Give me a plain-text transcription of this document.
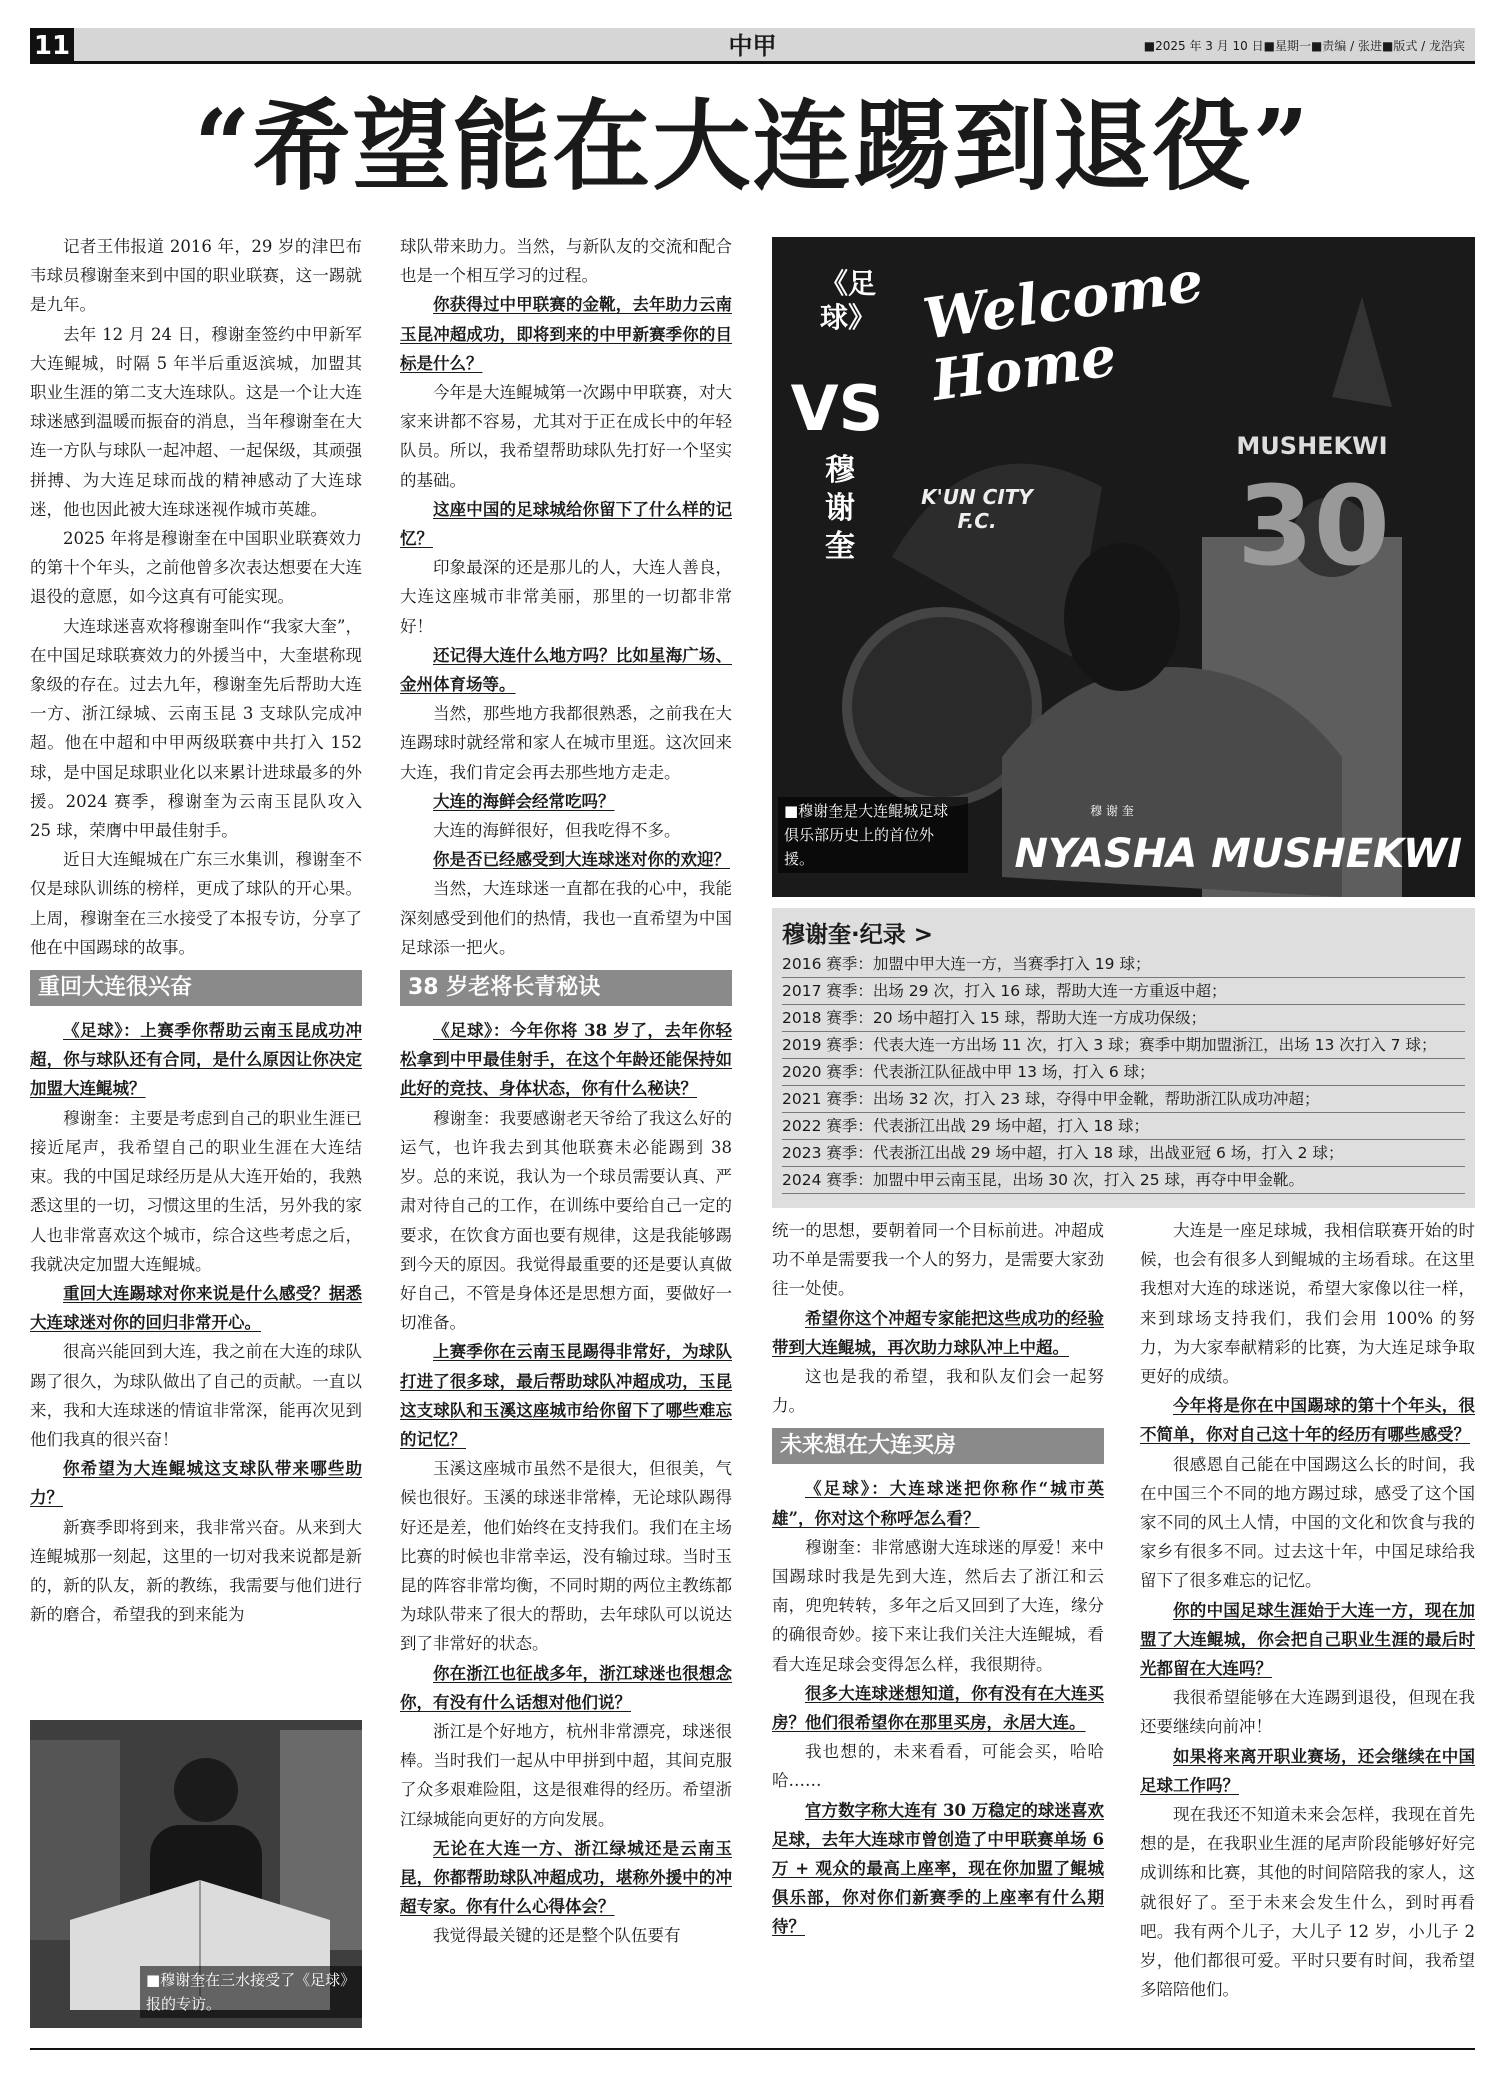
中甲
11	■2025 年 3 月 10 日■星期一■责编 / 张进■版式 / 龙浩宾
“希望能在大连踢到退役”

记者王伟报道 2016 年，29 岁的津巴布韦球员穆谢奎来到中国的职业联赛，这一踢就是九年。

去年 12 月 24 日，穆谢奎签约中甲新军大连鲲城，时隔 5 年半后重返滨城，加盟其职业生涯的第二支大连球队。这是一个让大连球迷感到温暖而振奋的消息，当年穆谢奎在大连一方队与球队一起冲超、一起保级，其顽强拼搏、为大连足球而战的精神感动了大连球迷，他也因此被大连球迷视作城市英雄。

2025 年将是穆谢奎在中国职业联赛效力的第十个年头，之前他曾多次表达想要在大连退役的意愿，如今这真有可能实现。

大连球迷喜欢将穆谢奎叫作“我家大奎”，在中国足球联赛效力的外援当中，大奎堪称现象级的存在。过去九年，穆谢奎先后帮助大连一方、浙江绿城、云南玉昆 3 支球队完成冲超。他在中超和中甲两级联赛中共打入 152 球，是中国足球职业化以来累计进球最多的外援。2024 赛季，穆谢奎为云南玉昆队攻入 25 球，荣膺中甲最佳射手。

近日大连鲲城在广东三水集训，穆谢奎不仅是球队训练的榜样，更成了球队的开心果。上周，穆谢奎在三水接受了本报专访，分享了他在中国踢球的故事。

重回大连很兴奋

《足球》：上赛季你帮助云南玉昆成功冲超，你与球队还有合同，是什么原因让你决定加盟大连鲲城？

穆谢奎：主要是考虑到自己的职业生涯已接近尾声，我希望自己的职业生涯在大连结束。我的中国足球经历是从大连开始的，我熟悉这里的一切，习惯这里的生活，另外我的家人也非常喜欢这个城市，综合这些考虑之后，我就决定加盟大连鲲城。

重回大连踢球对你来说是什么感受？据悉大连球迷对你的回归非常开心。

很高兴能回到大连，我之前在大连的球队踢了很久，为球队做出了自己的贡献。一直以来，我和大连球迷的情谊非常深，能再次见到他们我真的很兴奋！

你希望为大连鲲城这支球队带来哪些助力？

新赛季即将到来，我非常兴奋。从来到大连鲲城那一刻起，这里的一切对我来说都是新的，新的队友，新的教练，我需要与他们进行新的磨合，希望我的到来能为

■穆谢奎在三水接受了《足球》报的专访。

球队带来助力。当然，与新队友的交流和配合也是一个相互学习的过程。

你获得过中甲联赛的金靴，去年助力云南玉昆冲超成功，即将到来的中甲新赛季你的目标是什么？

今年是大连鲲城第一次踢中甲联赛，对大家来讲都不容易，尤其对于正在成长中的年轻队员。所以，我希望帮助球队先打好一个坚实的基础。

这座中国的足球城给你留下了什么样的记忆？

印象最深的还是那儿的人，大连人善良，大连这座城市非常美丽，那里的一切都非常好！

还记得大连什么地方吗？比如星海广场、金州体育场等。

当然，那些地方我都很熟悉，之前我在大连踢球时就经常和家人在城市里逛。这次回来大连，我们肯定会再去那些地方走走。

大连的海鲜会经常吃吗？

大连的海鲜很好，但我吃得不多。

你是否已经感受到大连球迷对你的欢迎？

当然，大连球迷一直都在我的心中，我能深刻感受到他们的热情，我也一直希望为中国足球添一把火。

38 岁老将长青秘诀

《足球》：今年你将 38 岁了，去年你轻松拿到中甲最佳射手，在这个年龄还能保持如此好的竞技、身体状态，你有什么秘诀？

穆谢奎：我要感谢老天爷给了我这么好的运气，也许我去到其他联赛未必能踢到 38 岁。总的来说，我认为一个球员需要认真、严肃对待自己的工作，在训练中要给自己一定的要求，在饮食方面也要有规律，这是我能够踢到今天的原因。我觉得最重要的还是要认真做好自己，不管是身体还是思想方面，要做好一切准备。

上赛季你在云南玉昆踢得非常好，为球队打进了很多球，最后帮助球队冲超成功，玉昆这支球队和玉溪这座城市给你留下了哪些难忘的记忆？

玉溪这座城市虽然不是很大，但很美，气候也很好。玉溪的球迷非常棒，无论球队踢得好还是差，他们始终在支持我们。我们在主场比赛的时候也非常幸运，没有输过球。当时玉昆的阵容非常均衡，不同时期的两位主教练都为球队带来了很大的帮助，去年球队可以说达到了非常好的状态。

你在浙江也征战多年，浙江球迷也很想念你，有没有什么话想对他们说？

浙江是个好地方，杭州非常漂亮，球迷很棒。当时我们一起从中甲拼到中超，其间克服了众多艰难险阻，这是很难得的经历。希望浙江绿城能向更好的方向发展。

无论在大连一方、浙江绿城还是云南玉昆，你都帮助球队冲超成功，堪称外援中的冲超专家。你有什么心得体会？

我觉得最关键的还是整个队伍要有

《足球》
VS
穆谢奎
Welcome Home
K'UN CITY F.C.
MUSHEKWI
30
穆 谢 奎
NYASHA MUSHEKWI
■穆谢奎是大连鲲城足球俱乐部历史上的首位外援。
穆谢奎·纪录 >
2016 赛季：加盟中甲大连一方，当赛季打入 19 球；
2017 赛季：出场 29 次，打入 16 球，帮助大连一方重返中超；
2018 赛季：20 场中超打入 15 球，帮助大连一方成功保级；
2019 赛季：代表大连一方出场 11 次，打入 3 球；赛季中期加盟浙江，出场 13 次打入 7 球；
2020 赛季：代表浙江队征战中甲 13 场，打入 6 球；
2021 赛季：出场 32 次，打入 23 球，夺得中甲金靴，帮助浙江队成功冲超；
2022 赛季：代表浙江出战 29 场中超，打入 18 球；
2023 赛季：代表浙江出战 29 场中超，打入 18 球，出战亚冠 6 场，打入 2 球；
2024 赛季：加盟中甲云南玉昆，出场 30 次，打入 25 球，再夺中甲金靴。

统一的思想，要朝着同一个目标前进。冲超成功不单是需要我一个人的努力，是需要大家劲往一处使。

希望你这个冲超专家能把这些成功的经验带到大连鲲城，再次助力球队冲上中超。

这也是我的希望，我和队友们会一起努力。

未来想在大连买房

《足球》：大连球迷把你称作“城市英雄”，你对这个称呼怎么看？

穆谢奎：非常感谢大连球迷的厚爱！来中国踢球时我是先到大连，然后去了浙江和云南，兜兜转转，多年之后又回到了大连，缘分的确很奇妙。接下来让我们关注大连鲲城，看看大连足球会变得怎么样，我很期待。

很多大连球迷想知道，你有没有在大连买房？他们很希望你在那里买房，永居大连。

我也想的，未来看看，可能会买，哈哈哈……

官方数字称大连有 30 万稳定的球迷喜欢足球，去年大连球市曾创造了中甲联赛单场 6 万 + 观众的最高上座率，现在你加盟了鲲城俱乐部，你对你们新赛季的上座率有什么期待？

大连是一座足球城，我相信联赛开始的时候，也会有很多人到鲲城的主场看球。在这里我想对大连的球迷说，希望大家像以往一样，来到球场支持我们，我们会用 100% 的努力，为大家奉献精彩的比赛，为大连足球争取更好的成绩。

今年将是你在中国踢球的第十个年头，很不简单，你对自己这十年的经历有哪些感受？

很感恩自己能在中国踢这么长的时间，我在中国三个不同的地方踢过球，感受了这个国家不同的风土人情，中国的文化和饮食与我的家乡有很多不同。过去这十年，中国足球给我留下了很多难忘的记忆。

你的中国足球生涯始于大连一方，现在加盟了大连鲲城，你会把自己职业生涯的最后时光都留在大连吗？

我很希望能够在大连踢到退役，但现在我还要继续向前冲！

如果将来离开职业赛场，还会继续在中国足球工作吗？

现在我还不知道未来会怎样，我现在首先想的是，在我职业生涯的尾声阶段能够好好完成训练和比赛，其他的时间陪陪我的家人，这就很好了。至于未来会发生什么，到时再看吧。我有两个儿子，大儿子 12 岁，小儿子 2 岁，他们都很可爱。平时只要有时间，我希望多陪陪他们。
